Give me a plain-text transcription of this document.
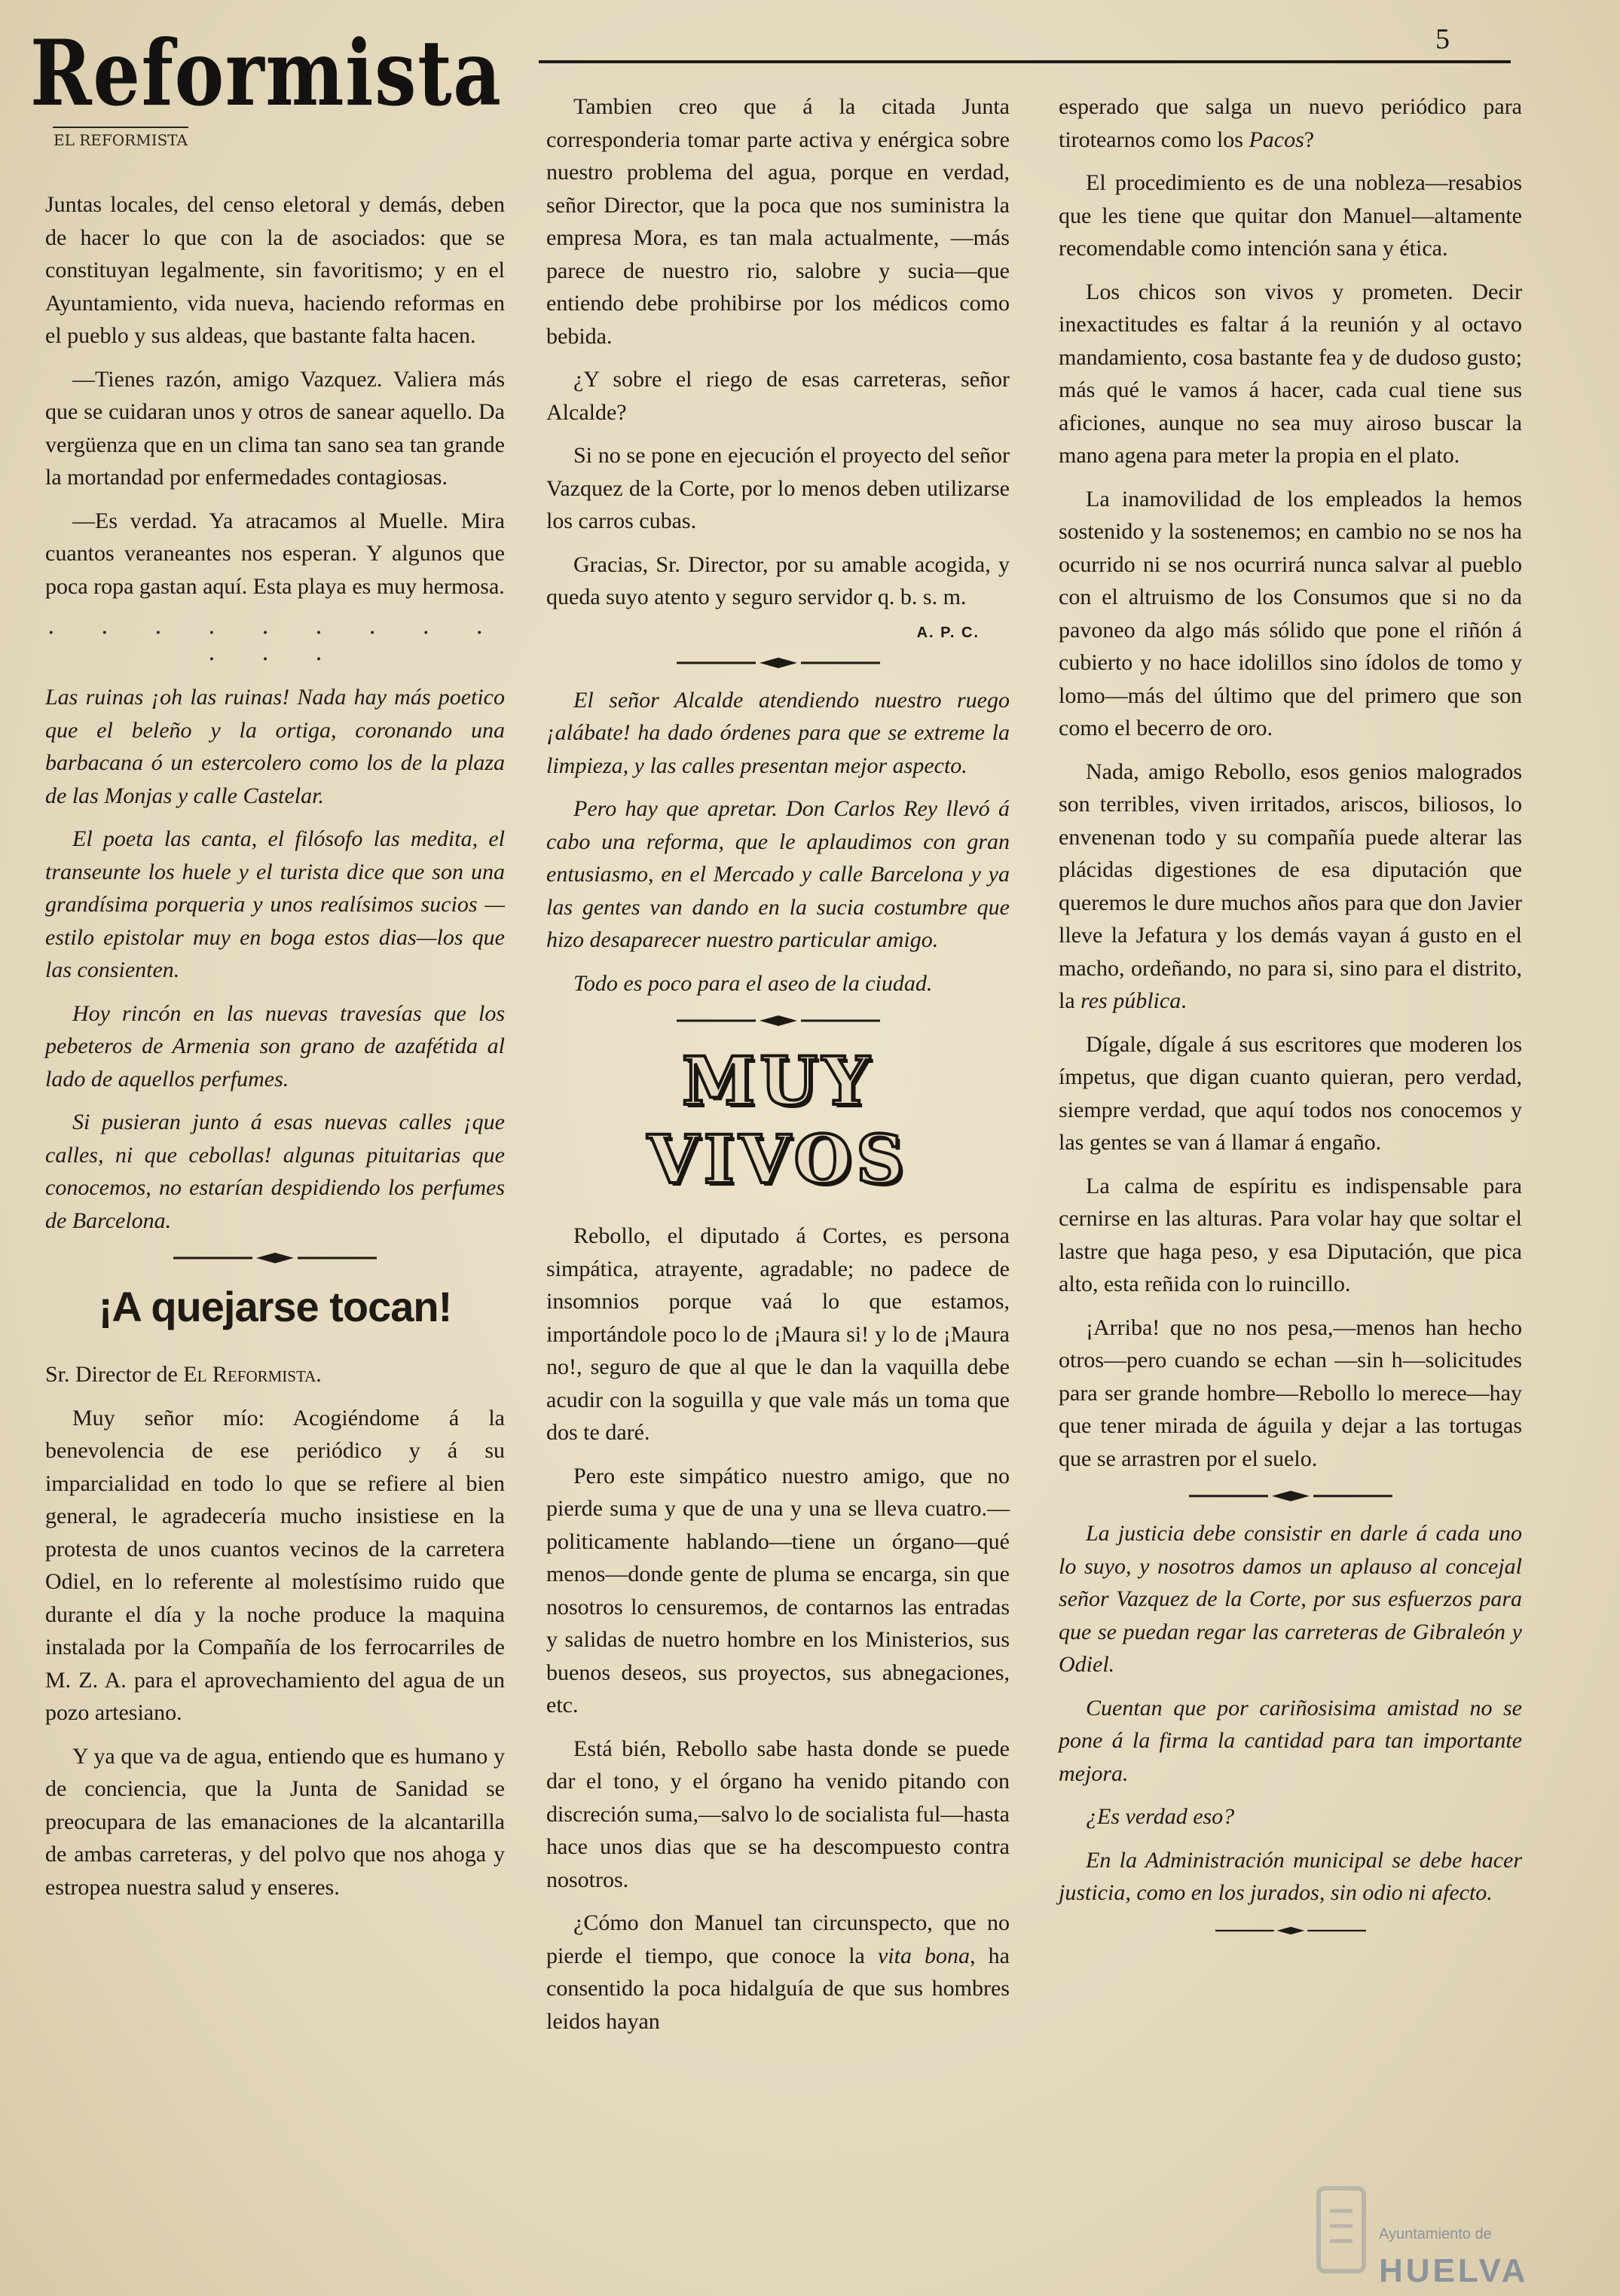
Reformista
EL REFORMISTA
5

Juntas locales, del censo eletoral y demás, deben de hacer lo que con la de asociados: que se constituyan legalmente, sin favoritismo; y en el Ayuntamiento, vida nueva, haciendo reformas en el pueblo y sus aldeas, que bastante falta hacen.

—Tienes razón, amigo Vazquez. Valiera más que se cuidaran unos y otros de sanear aquello. Da vergüenza que en un clima tan sano sea tan grande la mortandad por enfermedades contagiosas.

—Es verdad. Ya atracamos al Muelle. Mira cuantos veraneantes nos esperan. Y algunos que poca ropa gastan aquí. Esta playa es muy hermosa.

. . . . . . . . . . . .

Las ruinas ¡oh las ruinas! Nada hay más poetico que el beleño y la ortiga, coronando una barbacana ó un estercolero como los de la plaza de las Monjas y calle Castelar.

El poeta las canta, el filósofo las medita, el transeunte los huele y el turista dice que son una grandísima porqueria y unos realísimos sucios —estilo epistolar muy en boga estos dias—los que las consienten.

Hoy rincón en las nuevas travesías que los pebeteros de Armenia son grano de azafétida al lado de aquellos perfumes.

Si pusieran junto á esas nuevas calles ¡que calles, ni que cebollas! algunas pituitarias que conocemos, no estarían despidiendo los perfumes de Barcelona.

¡A quejarse tocan!

Sr. Director de El Reformista.

Muy señor mío: Acogiéndome á la benevolencia de ese periódico y á su imparcialidad en todo lo que se refiere al bien general, le agradecería mucho insistiese en la protesta de unos cuantos vecinos de la carretera Odiel, en lo referente al molestísimo ruido que durante el día y la noche produce la maquina instalada por la Compañía de los ferrocarriles de M. Z. A. para el aprovechamiento del agua de un pozo artesiano.

Y ya que va de agua, entiendo que es humano y de conciencia, que la Junta de Sanidad se preocupara de las emanaciones de la alcantarilla de ambas carreteras, y del polvo que nos ahoga y estropea nuestra salud y enseres.

Tambien creo que á la citada Junta corresponderia tomar parte activa y enérgica sobre nuestro problema del agua, porque en verdad, señor Director, que la poca que nos suministra la empresa Mora, es tan mala actualmente, —más parece de nuestro rio, salobre y sucia—que entiendo debe prohibirse por los médicos como bebida.

¿Y sobre el riego de esas carreteras, señor Alcalde?

Si no se pone en ejecución el proyecto del señor Vazquez de la Corte, por lo menos deben utilizarse los carros cubas.

Gracias, Sr. Director, por su amable acogida, y queda suyo atento y seguro servidor q. b. s. m.

A. P. C.

El señor Alcalde atendiendo nuestro ruego ¡alábate! ha dado órdenes para que se extreme la limpieza, y las calles presentan mejor aspecto.

Pero hay que apretar. Don Carlos Rey llevó á cabo una reforma, que le aplaudimos con gran entusiasmo, en el Mercado y calle Barcelona y ya las gentes van dando en la sucia costumbre que hizo desaparecer nuestro particular amigo.

Todo es poco para el aseo de la ciudad.

MUY VIVOS

Rebollo, el diputado á Cortes, es persona simpática, atrayente, agradable; no padece de insomnios porque vaá lo que estamos, importándole poco lo de ¡Maura si! y lo de ¡Maura no!, seguro de que al que le dan la vaquilla debe acudir con la soguilla y que vale más un toma que dos te daré.

Pero este simpático nuestro amigo, que no pierde suma y que de una y una se lleva cuatro.—politicamente hablando—tiene un órgano—qué menos—donde gente de pluma se encarga, sin que nosotros lo censuremos, de contarnos las entradas y salidas de nuetro hombre en los Ministerios, sus buenos deseos, sus proyectos, sus abnegaciones, etc.

Está bién, Rebollo sabe hasta donde se puede dar el tono, y el órgano ha venido pitando con discreción suma,—salvo lo de socialista ful—hasta hace unos dias que se ha descompuesto contra nosotros.

¿Cómo don Manuel tan circunspecto, que no pierde el tiempo, que conoce la vita bona, ha consentido la poca hidalguía de que sus hombres leidos hayan

esperado que salga un nuevo periódico para tirotearnos como los Pacos?

El procedimiento es de una nobleza—resabios que les tiene que quitar don Manuel—altamente recomendable como intención sana y ética.

Los chicos son vivos y prometen. Decir inexactitudes es faltar á la reunión y al octavo mandamiento, cosa bastante fea y de dudoso gusto; más qué le vamos á hacer, cada cual tiene sus aficiones, aunque no sea muy airoso buscar la mano agena para meter la propia en el plato.

La inamovilidad de los empleados la hemos sostenido y la sostenemos; en cambio no se nos ha ocurrido ni se nos ocurrirá nunca salvar al pueblo con el altruismo de los Consumos que si no da pavoneo da algo más sólido que pone el riñón á cubierto y no hace idolillos sino ídolos de tomo y lomo—más del último que del primero que son como el becerro de oro.

Nada, amigo Rebollo, esos genios malogrados son terribles, viven irritados, ariscos, biliosos, lo envenenan todo y su compañía puede alterar las plácidas digestiones de esa diputación que queremos le dure muchos años para que don Javier lleve la Jefatura y los demás vayan á gusto en el macho, ordeñando, no para si, sino para el distrito, la res pública.

Dígale, dígale á sus escritores que moderen los ímpetus, que digan cuanto quieran, pero verdad, siempre verdad, que aquí todos nos conocemos y las gentes se van á llamar á engaño.

La calma de espíritu es indispensable para cernirse en las alturas. Para volar hay que soltar el lastre que haga peso, y esa Diputación, que pica alto, esta reñida con lo ruincillo.

¡Arriba! que no nos pesa,—menos han hecho otros—pero cuando se echan —sin h—solicitudes para ser grande hombre—Rebollo lo merece—hay que tener mirada de águila y dejar a las tortugas que se arrastren por el suelo.

La justicia debe consistir en darle á cada uno lo suyo, y nosotros damos un aplauso al concejal señor Vazquez de la Corte, por sus esfuerzos para que se puedan regar las carreteras de Gibraleón y Odiel.

Cuentan que por cariñosisima amistad no se pone á la firma la cantidad para tan importante mejora.

¿Es verdad eso?

En la Administración municipal se debe hacer justicia, como en los jurados, sin odio ni afecto.

Ayuntamiento de
HUELVA
